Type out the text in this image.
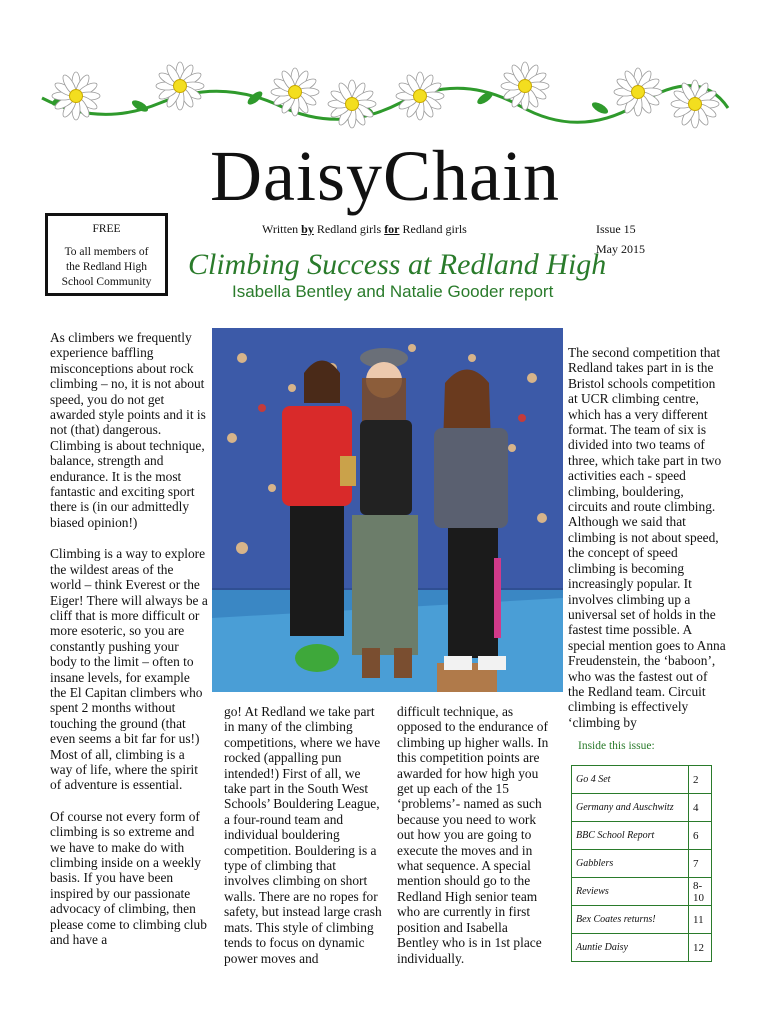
DaisyChain
FREE
To all members of
the Redland High
School Community
Written by Redland girls for Redland girls	Issue 15
May 2015
Climbing Success at Redland High
Isabella Bentley and Natalie Gooder report

As climbers we frequently experience baffling misconceptions about rock climbing – no, it is not about speed, you do not get awarded style points and it is not (that) dangerous. Climbing is about technique, balance, strength and endurance. It is the most fantastic and exciting sport there is (in our admittedly biased opinion!)

Climbing is a way to explore the wildest areas of the world – think Everest or the Eiger! There will always be a cliff that is more difficult or more esoteric, so you are constantly pushing your body to the limit – often to insane levels, for example the El Capitan climbers who spent 2 months without touching the ground (that even seems a bit far for us!) Most of all, climbing is a way of life, where the spirit of adventure is essential.

Of course not every form of climbing is so extreme and we have to make do with climbing inside on a weekly basis. If you have been inspired by our passionate advocacy of climbing, then please come to climbing club and have a

go! At Redland we take part in many of the climbing competitions, where we have rocked (appalling pun intended!) First of all, we take part in the South West Schools’ Bouldering League, a four-round team and individual bouldering competition. Bouldering is a type of climbing that involves climbing on short walls. There are no ropes for safety, but instead large crash mats. This style of climbing tends to focus on dynamic power moves and

difficult technique, as opposed to the endurance of climbing up higher walls. In this competition points are awarded for how high you get up each of the 15 ‘problems’- named as such because you need to work out how you are going to execute the moves and in what sequence. A special mention should go to the Redland High senior team who are currently in first position and Isabella Bentley who is in 1st place individually.

The second competition that Redland takes part in is the Bristol schools competition at UCR climbing centre, which has a very different format. The team of six is divided into two teams of three, which take part in two activities each - speed climbing, bouldering, circuits and route climbing. Although we said that climbing is not about speed, the concept of speed climbing is becoming increasingly popular. It involves climbing up a universal set of holds in the fastest time possible. A special mention goes to Anna Freudenstein, the ‘baboon’, who was the fastest out of the Redland team. Circuit climbing is effectively ‘climbing by

Inside this issue:
Go 4 Set	2
Germany and Auschwitz	4
BBC School Report	6
Gabblers	7
Reviews	8-10
Bex Coates returns!	11
Auntie Daisy	12
